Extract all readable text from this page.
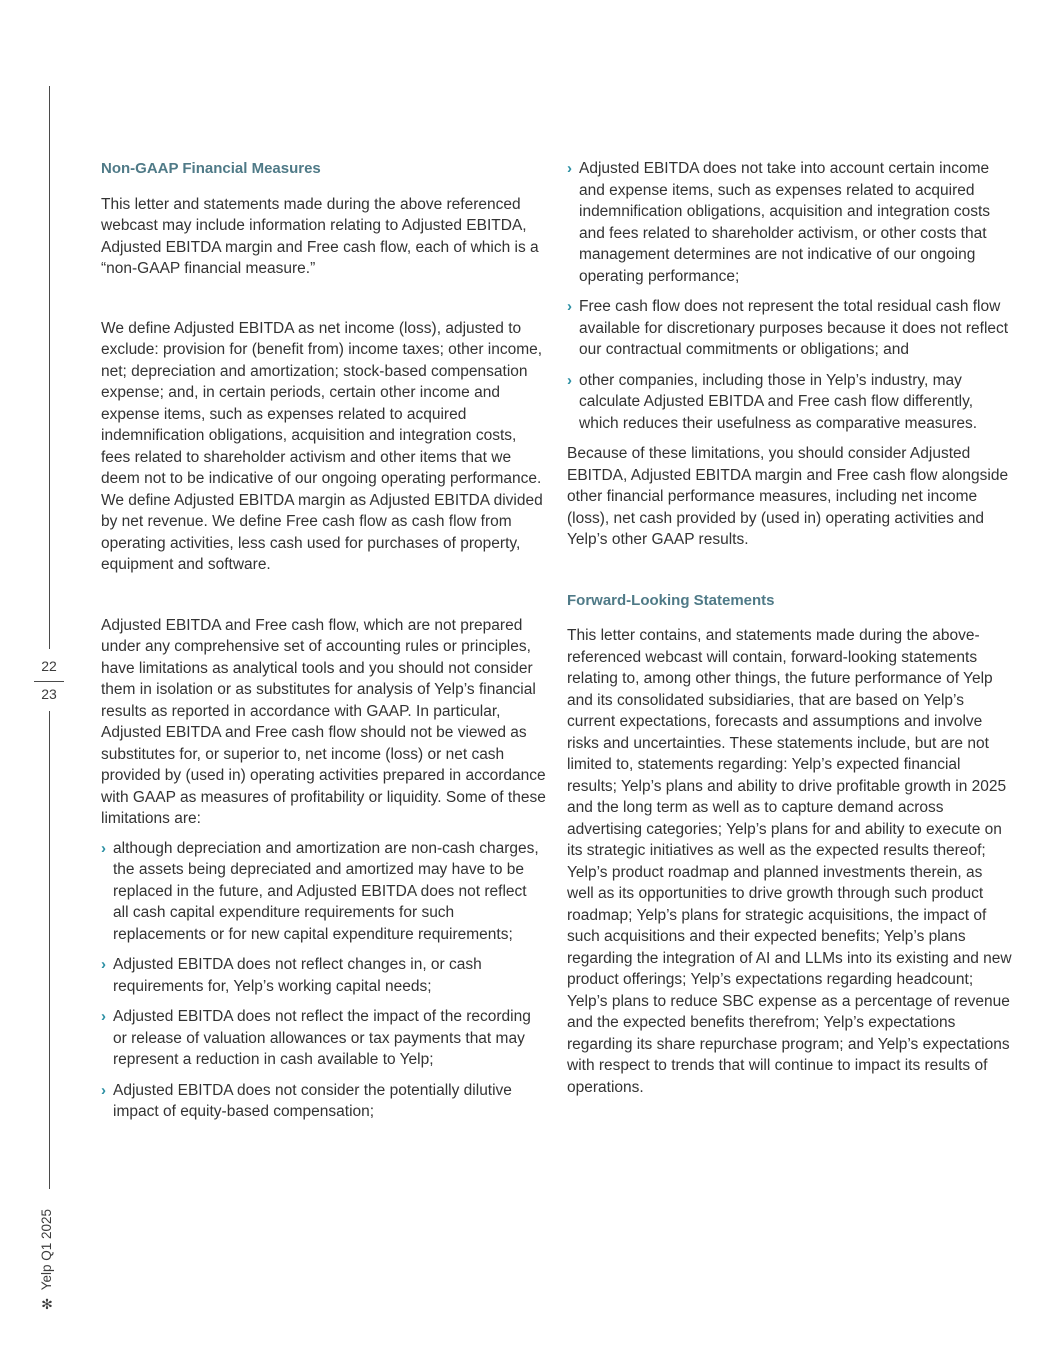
22
23
✻
Yelp Q1 2025
Non-GAAP Financial Measures

This letter and statements made during the above referenced webcast may include information relating to Adjusted EBITDA, Adjusted EBITDA margin and Free cash flow, each of which is a “non-GAAP financial measure.”

We define Adjusted EBITDA as net income (loss), adjusted to exclude: provision for (benefit from) income taxes; other income, net; depreciation and amortization; stock-based compensation expense; and, in certain periods, certain other income and expense items, such as expenses related to acquired indemnification obligations, acquisition and integration costs, fees related to shareholder activism and other items that we deem not to be indicative of our ongoing operating performance. We define Adjusted EBITDA margin as Adjusted EBITDA divided by net revenue. We define Free cash flow as cash flow from operating activities, less cash used for purchases of property, equipment and software.

Adjusted EBITDA and Free cash flow, which are not prepared under any comprehensive set of accounting rules or principles, have limitations as analytical tools and you should not consider them in isolation or as substitutes for analysis of Yelp’s financial results as reported in accordance with GAAP. In particular, Adjusted EBITDA and Free cash flow should not be viewed as substitutes for, or superior to, net income (loss) or net cash provided by (used in) operating activities prepared in accordance with GAAP as measures of profitability or liquidity. Some of these limitations are:

› although depreciation and amortization are non-cash charges, the assets being depreciated and amortized may have to be replaced in the future, and Adjusted EBITDA does not reflect all cash capital expenditure requirements for such replacements or for new capital expenditure requirements;
› Adjusted EBITDA does not reflect changes in, or cash requirements for, Yelp’s working capital needs;
› Adjusted EBITDA does not reflect the impact of the recording or release of valuation allowances or tax payments that may represent a reduction in cash available to Yelp;
› Adjusted EBITDA does not consider the potentially dilutive impact of equity-based compensation;
› Adjusted EBITDA does not take into account certain income and expense items, such as expenses related to acquired indemnification obligations, acquisition and integration costs and fees related to shareholder activism, or other costs that management determines are not indicative of our ongoing operating performance;
› Free cash flow does not represent the total residual cash flow available for discretionary purposes because it does not reflect our contractual commitments or obligations; and
› other companies, including those in Yelp’s industry, may calculate Adjusted EBITDA and Free cash flow differently, which reduces their usefulness as comparative measures.

Because of these limitations, you should consider Adjusted EBITDA, Adjusted EBITDA margin and Free cash flow alongside other financial performance measures, including net income (loss), net cash provided by (used in) operating activities and Yelp’s other GAAP results.

Forward-Looking Statements

This letter contains, and statements made during the above-referenced webcast will contain, forward-looking statements relating to, among other things, the future performance of Yelp and its consolidated subsidiaries, that are based on Yelp’s current expectations, forecasts and assumptions and involve risks and uncertainties. These statements include, but are not limited to, statements regarding: Yelp’s expected financial results; Yelp’s plans and ability to drive profitable growth in 2025 and the long term as well as to capture demand across advertising categories; Yelp’s plans for and ability to execute on its strategic initiatives as well as the expected results thereof; Yelp’s product roadmap and planned investments therein, as well as its opportunities to drive growth through such product roadmap; Yelp’s plans for strategic acquisitions, the impact of such acquisitions and their expected benefits; Yelp’s plans regarding the integration of AI and LLMs into its existing and new product offerings; Yelp’s expectations regarding headcount; Yelp’s plans to reduce SBC expense as a percentage of revenue and the expected benefits therefrom; Yelp’s expectations regarding its share repurchase program; and Yelp’s expectations with respect to trends that will continue to impact its results of operations.
